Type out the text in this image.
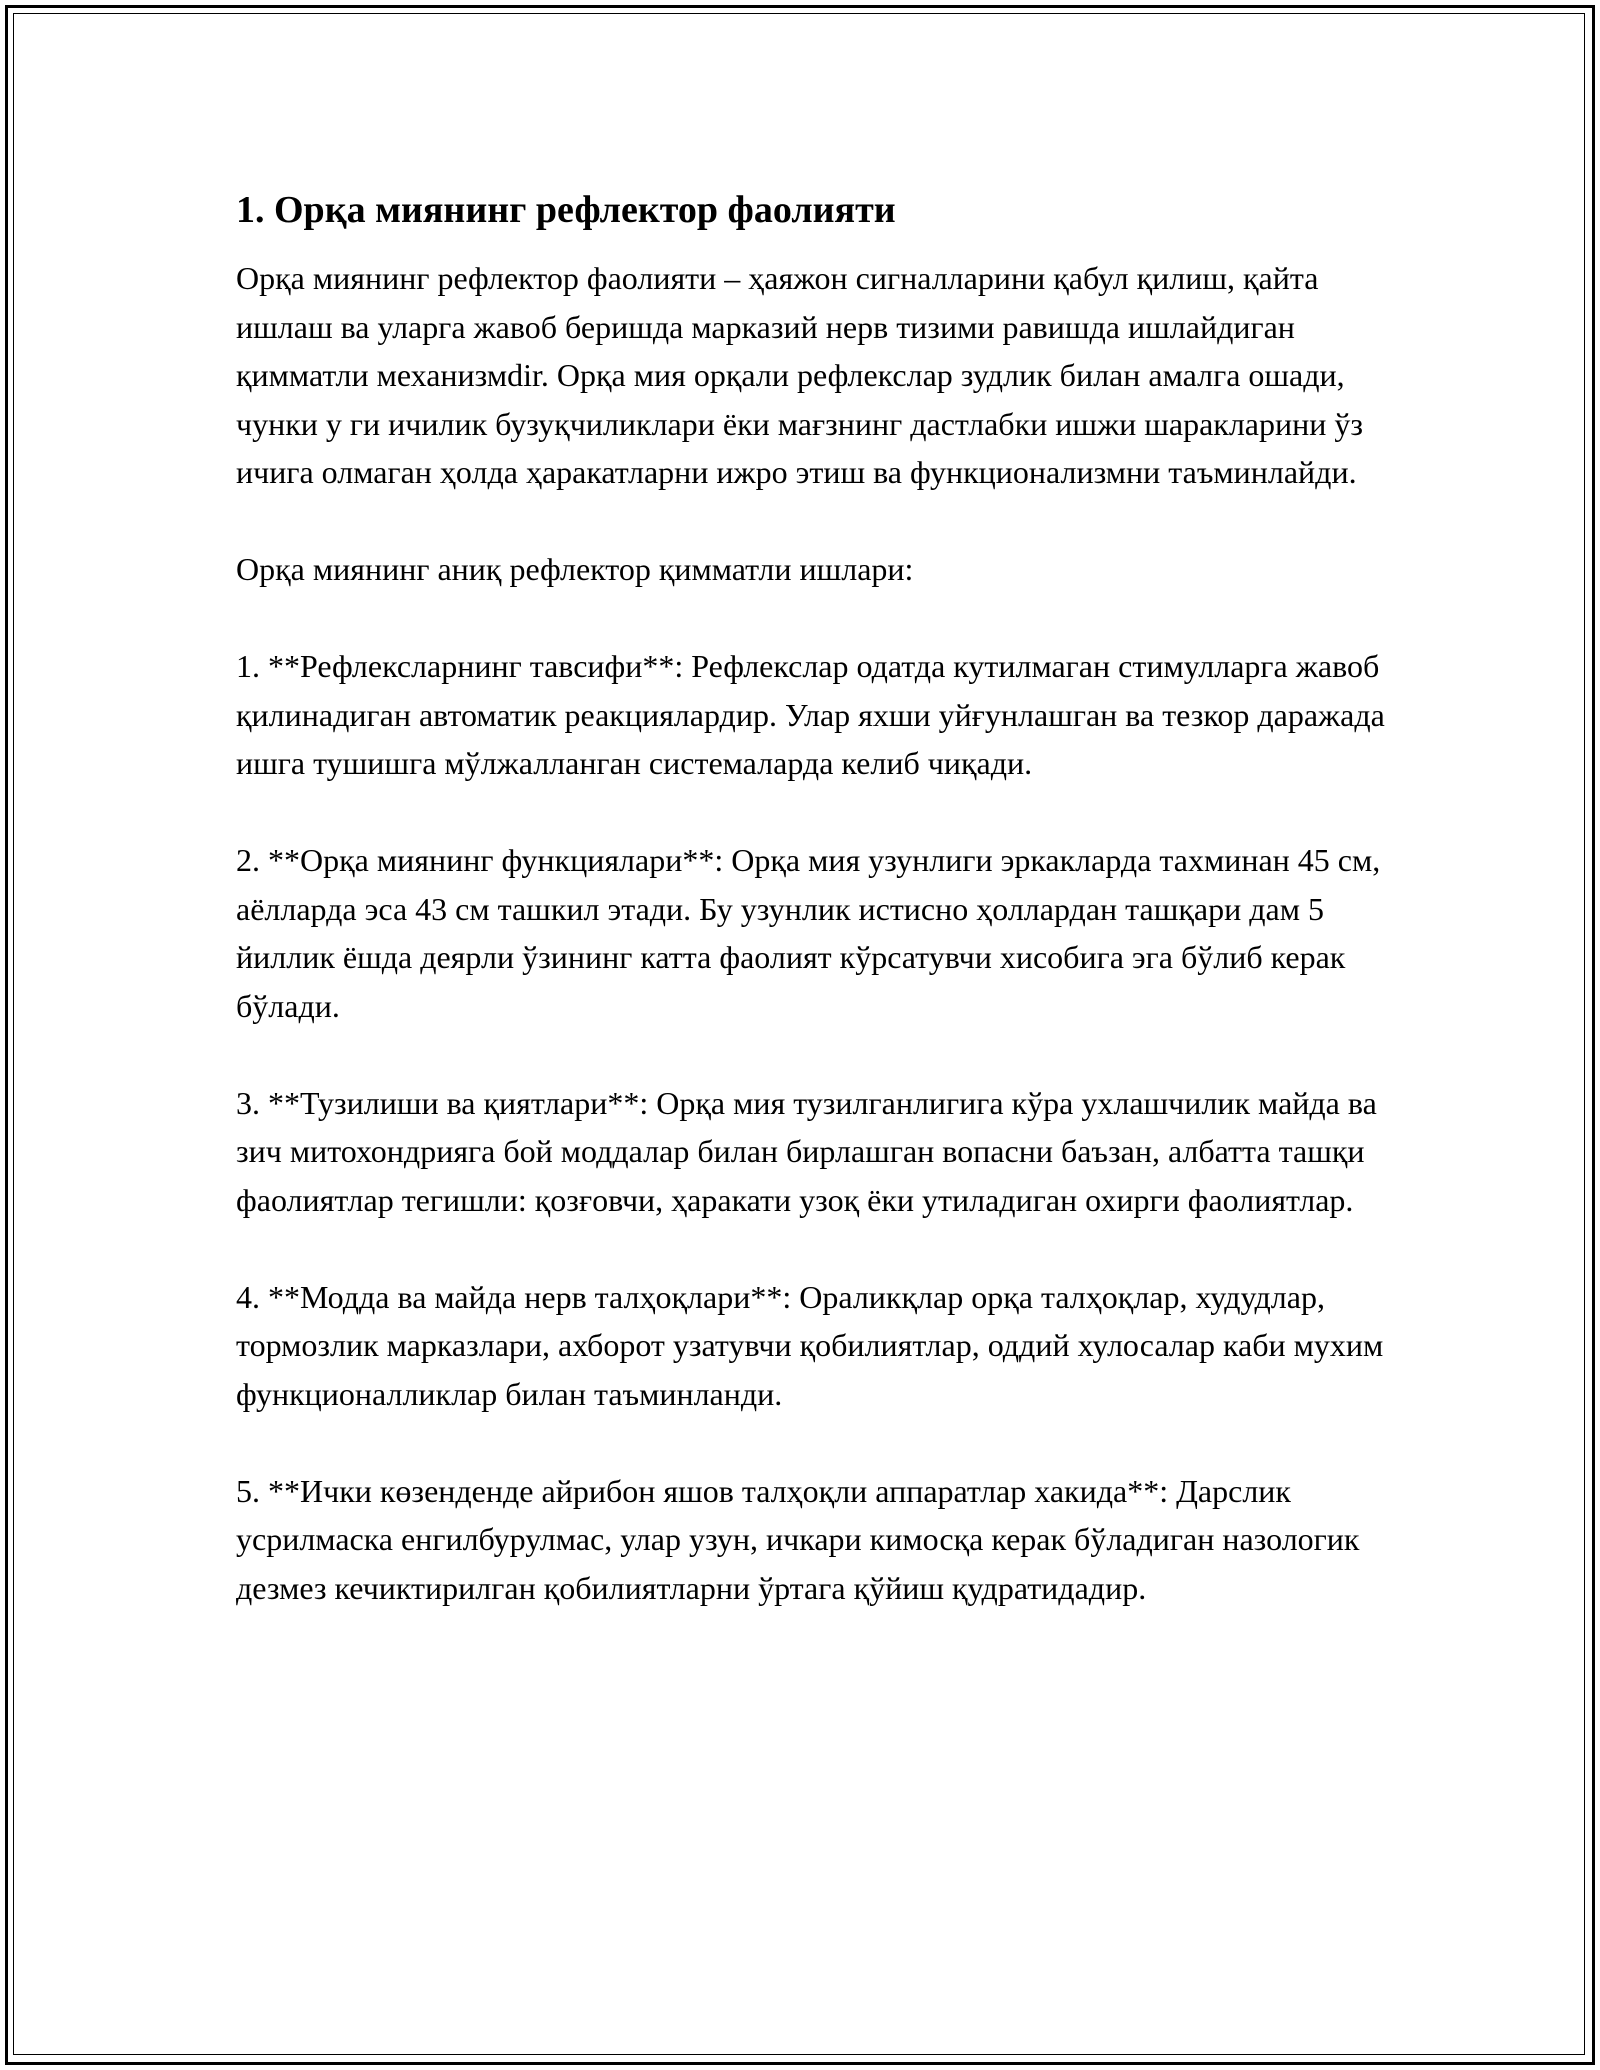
1. Орқа миянинг рефлектор фаолияти

Орқа миянинг рефлектор фаолияти – ҳаяжон сигналларини қабул қилиш, қайта ишлаш ва уларга жавоб беришда марказий нерв тизими равишда ишлайдиган қимматли механизмdir. Орқа мия орқали рефлекслар зудлик билан амалга ошади, чунки у ги ичилик бузуқчиликлари ёки мағзнинг дастлабки ишжи шаракларини ўз ичига олмаган ҳолда ҳаракатларни ижро этиш ва функционализмни таъминлайди.

Орқа миянинг аниқ рефлектор қимматли ишлари:

1. **Рефлексларнинг тавсифи**: Рефлекслар одатда кутилмаган стимулларга жавоб қилинадиган автоматик реакциялардир. Улар яхши уйғунлашган ва тезкор даражада ишга тушишга мўлжалланган системаларда келиб чиқади.

2. **Орқа миянинг функциялари**: Орқа мия узунлиги эркакларда тахминан 45 см, аёлларда эса 43 см ташкил этади. Бу узунлик истисно ҳоллардан ташқари дам 5 йиллик ёшда деярли ўзининг катта фаолият кўрсатувчи хисобига эга бўлиб керак бўлади.

3. **Тузилиши ва қиятлари**: Орқа мия тузилганлигига кўра ухлашчилик майда ва зич митохондрияга бой моддалар билан бирлашган вопасни баъзан, албатта ташқи фаолиятлар тегишли: қозғовчи, ҳаракати узоқ ёки утиладиган охирги фаолиятлар.

4. **Модда ва майда нерв талҳоқлари**: Ораликқлар орқа талҳоқлар, худудлар, тормозлик марказлари, ахборот узатувчи қобилиятлар, оддий хулосалар каби мухим функционалликлар билан таъминланди.

5. **Ички көзенденде айрибон яшов талҳоқли аппаратлар хакида**: Дарслик усрилмаска енгилбурулмас, улар узун, ичкари кимосқа керак бўладиган назологик дезмез кечиктирилган қобилиятларни ўртага қўйиш қудратидадир.
